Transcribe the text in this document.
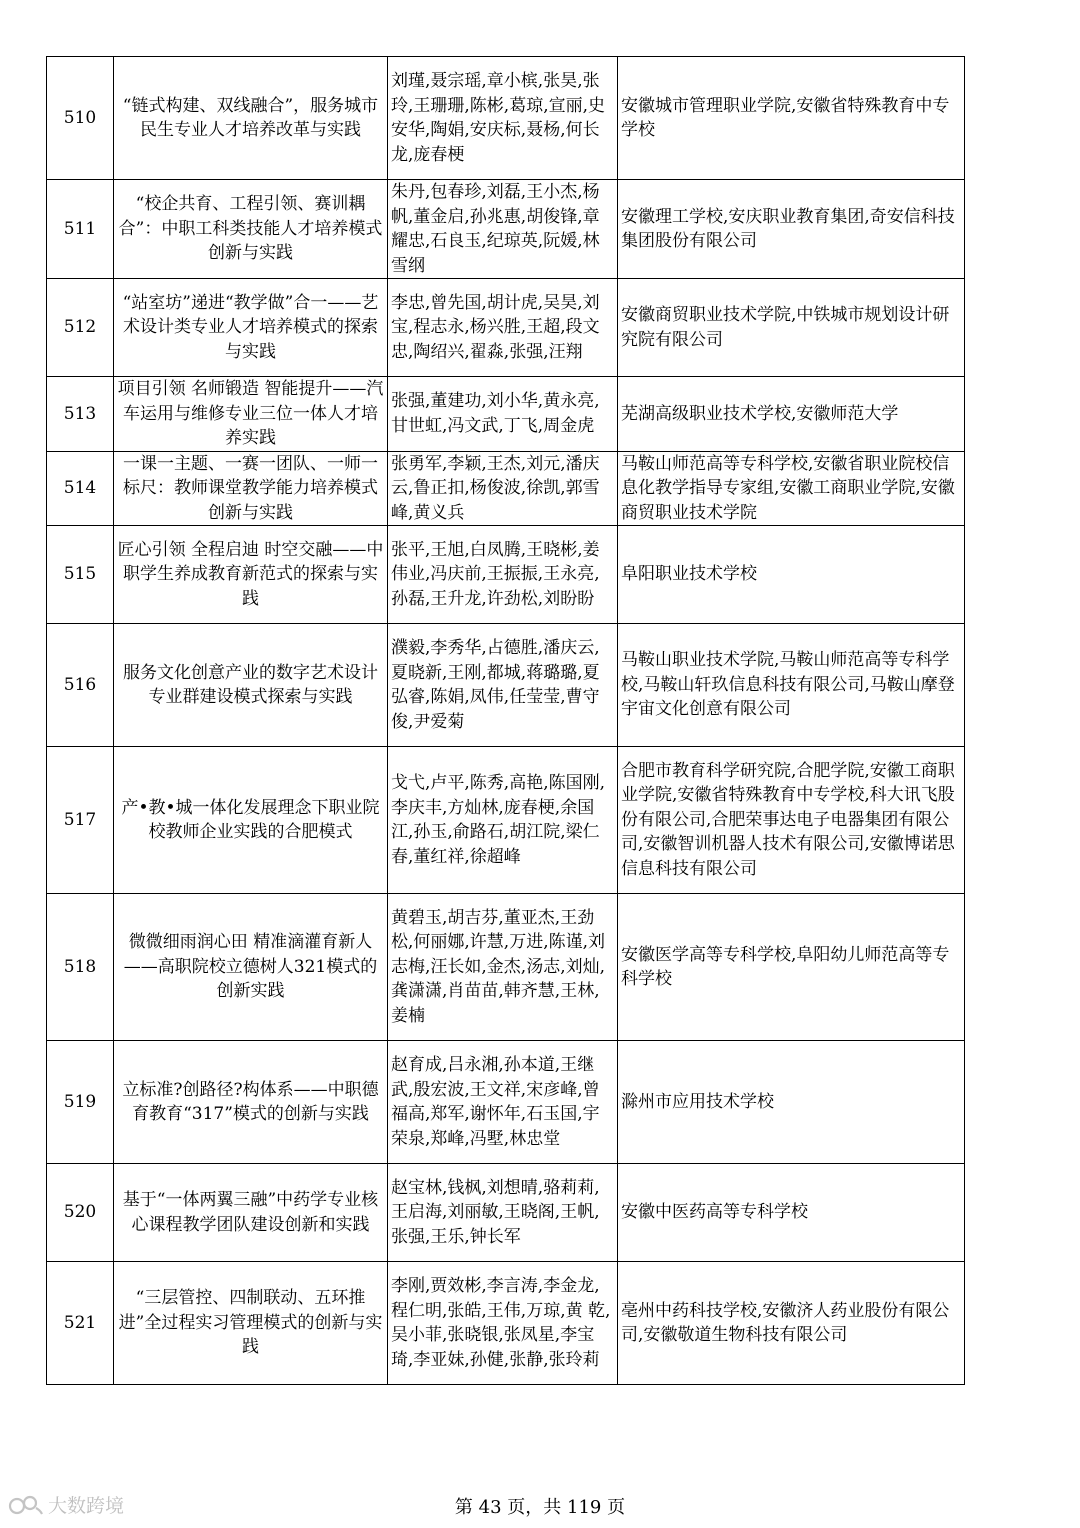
510	“链式构建、双线融合”，服务城市民生专业人才培养改革与实践	刘瑾,聂宗瑶,章小槟,张昊,张玲,王珊珊,陈彬,葛琼,宣丽,史安华,陶娟,安庆标,聂杨,何长龙,庞春梗	安徽城市管理职业学院,安徽省特殊教育中专学校
511	“校企共育、工程引领、赛训耦合”：中职工科类技能人才培养模式创新与实践	朱丹,包春珍,刘磊,王小杰,杨帆,董金启,孙兆惠,胡俊锋,章耀忠,石良玉,纪琼英,阮媛,林雪纲	安徽理工学校,安庆职业教育集团,奇安信科技集团股份有限公司
512	“站室坊”递进“教学做”合一——艺术设计类专业人才培养模式的探索与实践	李忠,曾先国,胡计虎,吴昊,刘宝,程志永,杨兴胜,王超,段文忠,陶绍兴,翟淼,张强,汪翔	安徽商贸职业技术学院,中铁城市规划设计研究院有限公司
513	项目引领 名师锻造 智能提升——汽车运用与维修专业三位一体人才培养实践	张强,董建功,刘小华,黄永亮,甘世虹,冯文武,丁飞,周金虎	芜湖高级职业技术学校,安徽师范大学
514	一课一主题、一赛一团队、一师一标尺：教师课堂教学能力培养模式创新与实践	张勇军,李颖,王杰,刘元,潘庆云,鲁正扣,杨俊波,徐凯,郭雪峰,黄义兵	马鞍山师范高等专科学校,安徽省职业院校信息化教学指导专家组,安徽工商职业学院,安徽商贸职业技术学院
515	匠心引领 全程启迪 时空交融——中职学生养成教育新范式的探索与实践	张平,王旭,白凤腾,王晓彬,姜伟业,冯庆前,王振振,王永亮,孙磊,王升龙,许劲松,刘盼盼	阜阳职业技术学校
516	服务文化创意产业的数字艺术设计专业群建设模式探索与实践	濮毅,李秀华,占德胜,潘庆云,夏晓新,王刚,都城,蒋璐璐,夏弘睿,陈娟,凤伟,任莹莹,曹守俊,尹爱菊	马鞍山职业技术学院,马鞍山师范高等专科学校,马鞍山轩玖信息科技有限公司,马鞍山摩登宇宙文化创意有限公司
517	产•教•城一体化发展理念下职业院校教师企业实践的合肥模式	戈弋,卢平,陈秀,高艳,陈国刚,李庆丰,方灿林,庞春梗,余国江,孙玉,俞路石,胡江院,梁仁春,董红祥,徐超峰	合肥市教育科学研究院,合肥学院,安徽工商职业学院,安徽省特殊教育中专学校,科大讯飞股份有限公司,合肥荣事达电子电器集团有限公司,安徽智训机器人技术有限公司,安徽博诺思信息科技有限公司
518	微微细雨润心田 精准滴灌育新人——高职院校立德树人321模式的创新实践	黄碧玉,胡吉芬,董亚杰,王劲松,何丽娜,许慧,万进,陈谨,刘志梅,汪长如,金杰,汤志,刘灿,龚潇潇,肖苗苗,韩齐慧,王林,姜楠	安徽医学高等专科学校,阜阳幼儿师范高等专科学校
519	立标准?创路径?构体系——中职德育教育“317”模式的创新与实践	赵育成,吕永湘,孙本道,王继武,殷宏波,王文祥,宋彦峰,曾福高,郑军,谢怀年,石玉国,宇荣泉,郑峰,冯墅,林忠堂	滁州市应用技术学校
520	基于“一体两翼三融”中药学专业核心课程教学团队建设创新和实践	赵宝林,钱枫,刘想晴,骆莉莉,王启海,刘丽敏,王晓阁,王帆,张强,王乐,钟长军	安徽中医药高等专科学校
521	“三层管控、四制联动、五环推进”全过程实习管理模式的创新与实践	李刚,贾效彬,李言涛,李金龙,程仁明,张皓,王伟,万琼,黄 乾,吴小菲,张晓银,张凤星,李宝琦,李亚妹,孙健,张静,张玲莉	亳州中药科技学校,安徽济人药业股份有限公司,安徽敬道生物科技有限公司
大数跨境	第 43 页，共 119 页
